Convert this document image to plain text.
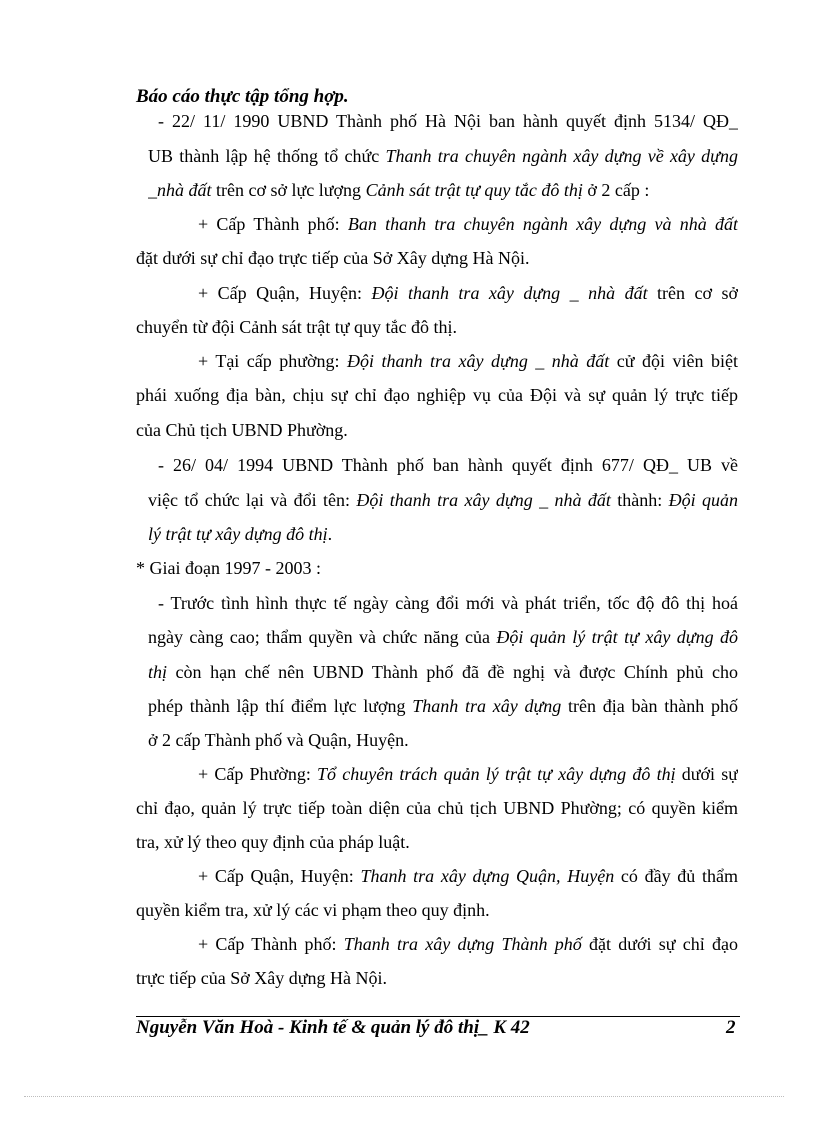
Báo cáo thực tập tổng hợp.
- 22/ 11/ 1990 UBND Thành phố Hà Nội ban hành quyết định 5134/ QĐ_
UB thành lập hệ thống tổ chức Thanh tra chuyên ngành xây dựng về xây dựng
_nhà đất trên cơ sở lực lượng Cảnh sát trật tự quy tắc đô thị ở 2 cấp :
+ Cấp Thành phố: Ban thanh tra chuyên ngành xây dựng và nhà đất
đặt dưới sự chỉ đạo trực tiếp của Sở Xây dựng Hà Nội.
+ Cấp Quận, Huyện: Đội thanh tra xây dựng _ nhà đất trên cơ sở
chuyển từ đội Cảnh sát trật tự quy tắc đô thị.
+ Tại cấp phường: Đội thanh tra xây dựng _ nhà đất cử đội viên biệt
phái xuống địa bàn, chịu sự chỉ đạo nghiệp vụ của Đội và sự quản lý trực tiếp
của Chủ tịch UBND Phường.
- 26/ 04/ 1994 UBND Thành phố ban hành quyết định 677/ QĐ_ UB về
việc tổ chức lại và đổi tên: Đội thanh tra xây dựng _ nhà đất thành: Đội quản
lý trật tự xây dựng đô thị.
* Giai đoạn 1997 - 2003 :
- Trước tình hình thực tế ngày càng đổi mới và phát triển, tốc độ đô thị hoá
ngày càng cao; thẩm quyền và chức năng của Đội quản lý trật tự xây dựng đô
thị còn hạn chế nên UBND Thành phố đã đề nghị và được Chính phủ cho
phép thành lập thí điểm lực lượng Thanh tra xây dựng trên địa bàn thành phố
ở 2 cấp Thành phố và Quận, Huyện.
+ Cấp Phường: Tổ chuyên trách quản lý trật tự xây dựng đô thị dưới sự
chỉ đạo, quản lý trực tiếp toàn diện của chủ tịch UBND Phường; có quyền kiểm
tra, xử lý theo quy định của pháp luật.
+ Cấp Quận, Huyện: Thanh tra xây dựng Quận, Huyện có đầy đủ thẩm
quyền kiểm tra, xử lý các vi phạm theo quy định.
+ Cấp Thành phố: Thanh tra xây dựng Thành phố đặt dưới sự chỉ đạo
trực tiếp của Sở Xây dựng Hà Nội.
Nguyễn Văn Hoà - Kinh tế & quản lý đô thị_ K 42	2
